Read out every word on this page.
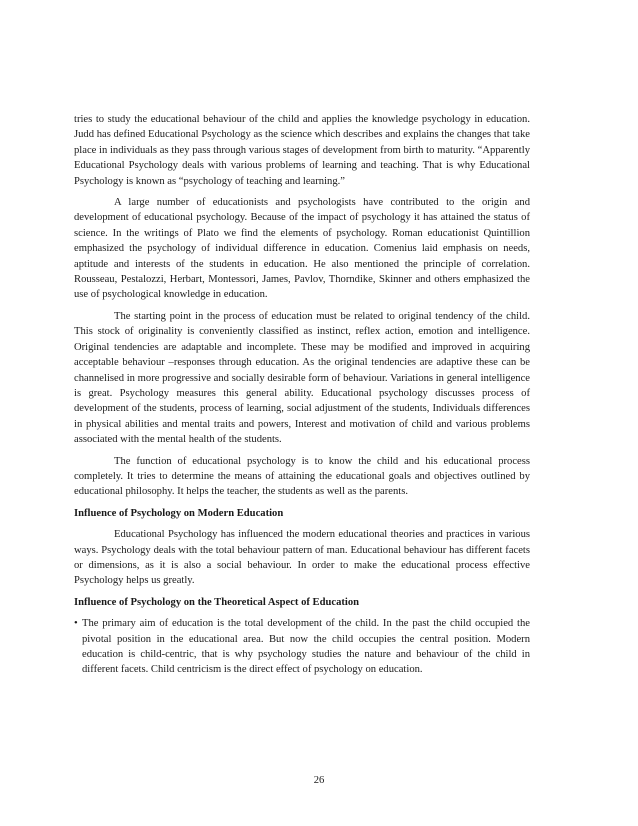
tries to study the educational behaviour of the child and applies the knowledge psychology in education. Judd has defined Educational Psychology as the science which describes and explains the changes that take place in individuals as they pass through various stages of development from birth to maturity. “Apparently Educational Psychology deals with various problems of learning and teaching. That is why Educational Psychology is known as “psychology of teaching and learning.”

A large number of educationists and psychologists have contributed to the origin and development of educational psychology. Because of the impact of psychology it has attained the status of science. In the writings of Plato we find the elements of psychology. Roman educationist Quintillion emphasized the psychology of individual difference in education. Comenius laid emphasis on needs, aptitude and interests of the students in education. He also mentioned the principle of correlation. Rousseau, Pestalozzi, Herbart, Montessori, James, Pavlov, Thorndike, Skinner and others emphasized the use of psychological knowledge in education.

The starting point in the process of education must be related to original tendency of the child. This stock of originality is conveniently classified as instinct, reflex action, emotion and intelligence. Original tendencies are adaptable and incomplete. These may be modified and improved in acquiring acceptable behaviour –responses through education. As the original tendencies are adaptive these can be channelised in more progressive and socially desirable form of behaviour. Variations in general intelligence is great. Psychology measures this general ability. Educational psychology discusses process of development of the students, process of learning, social adjustment of the students, Individuals differences in physical abilities and mental traits and powers, Interest and motivation of child and various problems associated with the mental health of the students.

The function of educational psychology is to know the child and his educational process completely. It tries to determine the means of attaining the educational goals and objectives outlined by educational philosophy. It helps the teacher, the students as well as the parents.

Influence of Psychology on Modern Education

Educational Psychology has influenced the modern educational theories and practices in various ways. Psychology deals with the total behaviour pattern of man. Educational behaviour has different facets or dimensions, as it is also a social behaviour. In order to make the educational process effective Psychology helps us greatly.

Influence of Psychology on the Theoretical Aspect of Education
• The primary aim of education is the total development of the child. In the past the child occupied the pivotal position in the educational area. But now the child occupies the central position. Modern education is child-centric, that is why psychology studies the nature and behaviour of the child in different facets. Child centricism is the direct effect of psychology on education.
26
